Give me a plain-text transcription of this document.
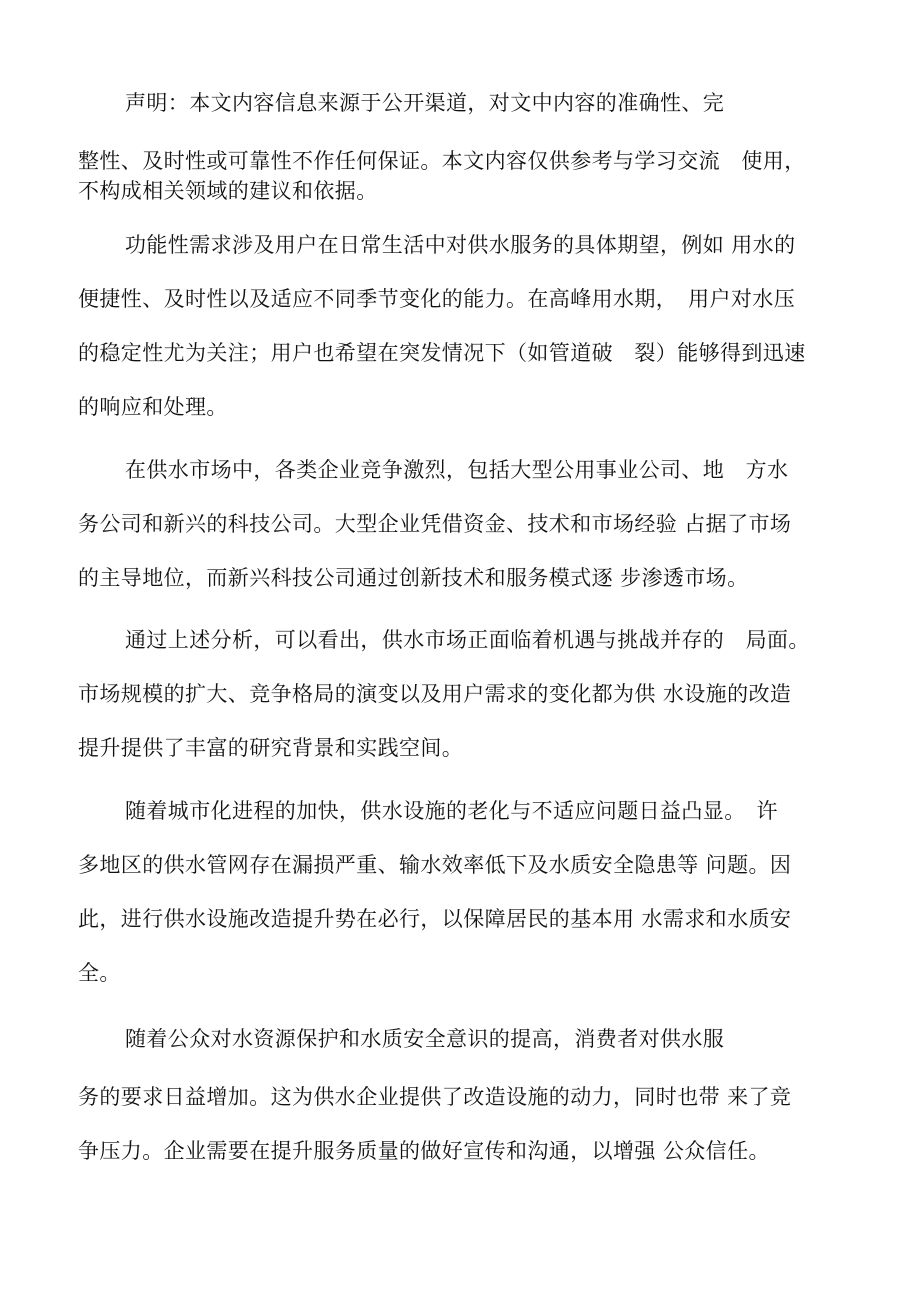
声明：本文内容信息来源于公开渠道，对文中内容的准确性、完
整性、及时性或可靠性不作任何保证。本文内容仅供参考与学习交流　使用，
不构成相关领域的建议和依据。
功能性需求涉及用户在日常生活中对供水服务的具体期望，例如 用水的
便捷性、及时性以及适应不同季节变化的能力。在高峰用水期，　用户对水压
的稳定性尤为关注；用户也希望在突发情况下（如管道破　裂）能够得到迅速
的响应和处理。
在供水市场中，各类企业竞争激烈，包括大型公用事业公司、地　方水
务公司和新兴的科技公司。大型企业凭借资金、技术和市场经验 占据了市场
的主导地位，而新兴科技公司通过创新技术和服务模式逐 步渗透市场。
通过上述分析，可以看出，供水市场正面临着机遇与挑战并存的　局面。
市场规模的扩大、竞争格局的演变以及用户需求的变化都为供 水设施的改造
提升提供了丰富的研究背景和实践空间。
随着城市化进程的加快，供水设施的老化与不适应问题日益凸显。　许
多地区的供水管网存在漏损严重、输水效率低下及水质安全隐患等 问题。因
此，进行供水设施改造提升势在必行，以保障居民的基本用 水需求和水质安
全。
随着公众对水资源保护和水质安全意识的提高，消费者对供水服
务的要求日益增加。这为供水企业提供了改造设施的动力，同时也带 来了竞
争压力。企业需要在提升服务质量的做好宣传和沟通，以增强 公众信任。
